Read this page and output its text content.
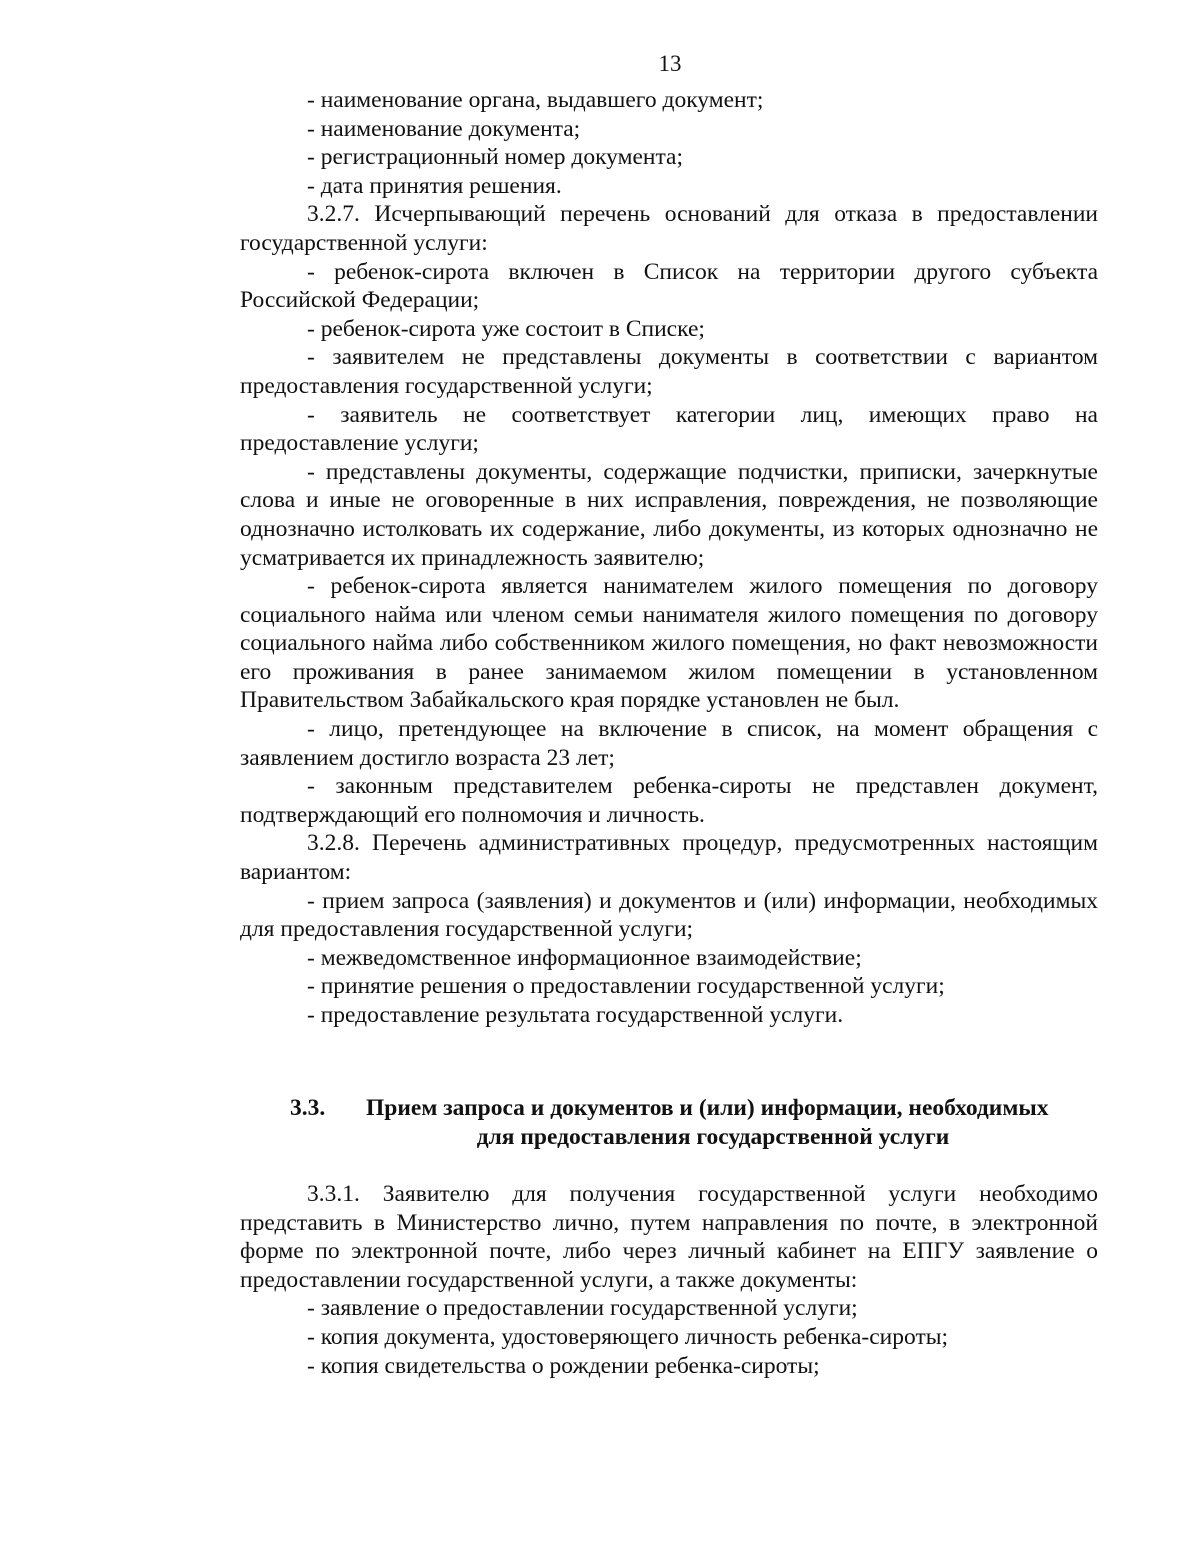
13

- наименование органа, выдавшего документ;

- наименование документа;

- регистрационный номер документа;

- дата принятия решения.

3.2.7. Исчерпывающий перечень оснований для отказа в предоставлении государственной услуги:

- ребенок-сирота включен в Список на территории другого субъекта Российской Федерации;

- ребенок-сирота уже состоит в Списке;

- заявителем не представлены документы в соответствии с вариантом предоставления государственной услуги;

- заявитель не соответствует категории лиц, имеющих право на предоставление услуги;

- представлены документы, содержащие подчистки, приписки, зачеркнутые слова и иные не оговоренные в них исправления, повреждения, не позволяющие однозначно истолковать их содержание, либо документы, из которых однозначно не усматривается их принадлежность заявителю;

- ребенок-сирота является нанимателем жилого помещения по договору социального найма или членом семьи нанимателя жилого помещения по договору социального найма либо собственником жилого помещения, но факт невозможности его проживания в ранее занимаемом жилом помещении в установленном Правительством Забайкальского края порядке установлен не был.

- лицо, претендующее на включение в список, на момент обращения с заявлением достигло возраста 23 лет;

- законным представителем ребенка-сироты не представлен документ, подтверждающий его полномочия и личность.

3.2.8. Перечень административных процедур, предусмотренных настоящим вариантом:

- прием запроса (заявления) и документов и (или) информации, необходимых для предоставления государственной услуги;

- межведомственное информационное взаимодействие;

- принятие решения о предоставлении государственной услуги;

- предоставление результата государственной услуги.

3.3.	Прием запроса и документов и (или) информации, необходимых
для предоставления государственной услуги

3.3.1. Заявителю для получения государственной услуги необходимо представить в Министерство лично, путем направления по почте, в электронной форме по электронной почте, либо через личный кабинет на ЕПГУ заявление о предоставлении государственной услуги, а также документы:

- заявление о предоставлении государственной услуги;

- копия документа, удостоверяющего личность ребенка-сироты;

- копия свидетельства о рождении ребенка-сироты;
